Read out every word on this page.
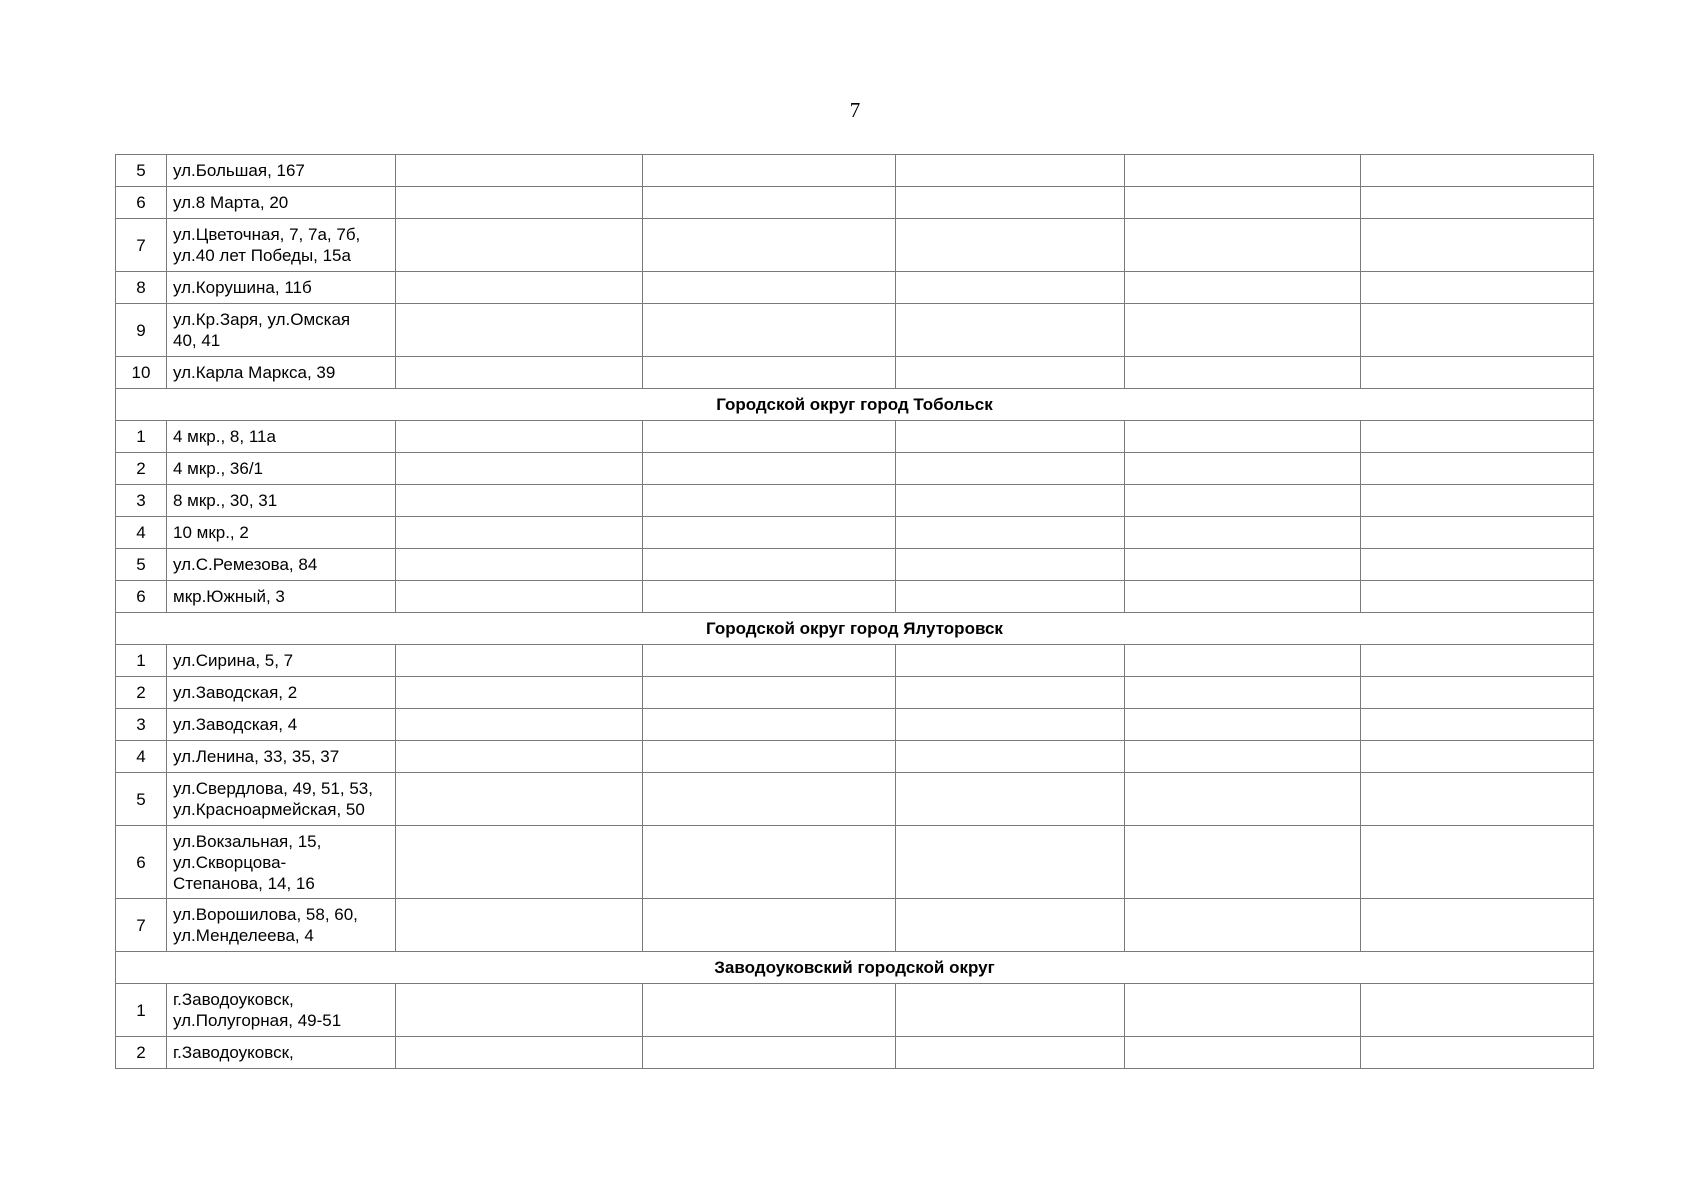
7
5	ул.Большая, 167					
6	ул.8 Марта, 20					
7	ул.Цветочная, 7, 7а, 7б,
ул.40 лет Победы, 15а					
8	ул.Корушина, 11б					
9	ул.Кр.Заря, ул.Омская
40, 41					
10	ул.Карла Маркса, 39					
Городской округ город Тобольск						
1	4 мкр., 8, 11а					
2	4 мкр., 36/1					
3	8 мкр., 30, 31					
4	10 мкр., 2					
5	ул.С.Ремезова, 84					
6	мкр.Южный, 3					
Городской округ город Ялуторовск						
1	ул.Сирина, 5, 7					
2	ул.Заводская, 2					
3	ул.Заводская, 4					
4	ул.Ленина, 33, 35, 37					
5	ул.Свердлова, 49, 51, 53,
ул.Красноармейская, 50					
6	ул.Вокзальная, 15,
ул.Скворцова-
Степанова, 14, 16					
7	ул.Ворошилова, 58, 60,
ул.Менделеева, 4					
Заводоуковский городской округ						
1	г.Заводоуковск,
ул.Полугорная, 49-51					
2	г.Заводоуковск,					
